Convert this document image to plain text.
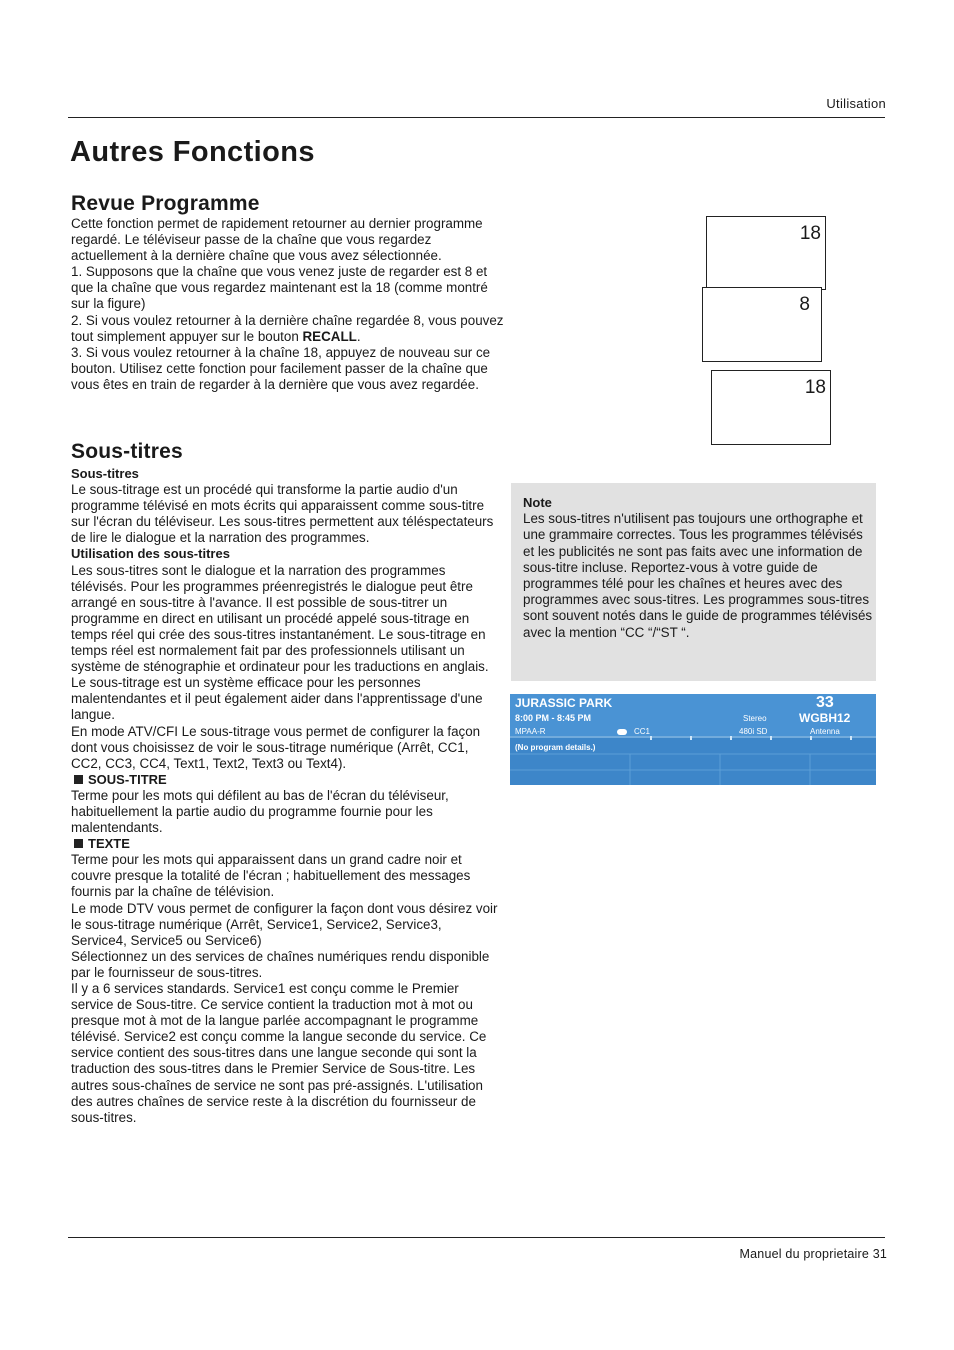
Utilisation
Autres Fonctions
Revue Programme

Cette fonction permet de rapidement retourner au dernier programme regardé. Le téléviseur passe de la chaîne que vous regardez actuellement à la dernière chaîne que vous avez sélectionnée.

1. Supposons que la chaîne que vous venez juste de regarder est 8 et que la chaîne que vous regardez maintenant est la 18 (comme montré sur la figure)

2. Si vous voulez retourner à la dernière chaîne regardée 8, vous pouvez tout simplement appuyer sur le bouton RECALL.

3. Si vous voulez retourner à la chaîne 18, appuyez de nouveau sur ce bouton. Utilisez cette fonction pour facilement passer de la chaîne que vous êtes en train de regarder à la dernière que vous avez regardée.

18
8
18
Sous-titres

Sous-titres

Le sous-titrage est un procédé qui transforme la partie audio d'un programme télévisé en mots écrits qui apparaissent comme sous-titre sur l'écran du téléviseur. Les sous-titres permettent aux téléspectateurs de lire le dialogue et la narration des programmes.

Utilisation des sous-titres

Les sous-titres sont le dialogue et la narration des programmes télévisés. Pour les programmes préenregistrés le dialogue peut être arrangé en sous-titre à l'avance. Il est possible de sous-titrer un programme en direct en utilisant un procédé appelé sous-titrage en temps réel qui crée des sous-titres instantanément. Le sous-titrage en temps réel est normalement fait par des professionnels utilisant un système de sténographie et ordinateur pour les traductions en anglais. Le sous-titrage est un système efficace pour les personnes malentendantes et il peut également aider dans l'apprentissage d'une langue.

En mode ATV/CFI Le sous-titrage vous permet de configurer la façon dont vous choisissez de voir le sous-titrage numérique (Arrêt, CC1, CC2, CC3, CC4, Text1, Text2, Text3 ou Text4).

SOUS-TITRE

Terme pour les mots qui défilent au bas de l'écran du téléviseur, habituellement la partie audio du programme fournie pour les malentendants.

TEXTE

Terme pour les mots qui apparaissent dans un grand cadre noir et couvre presque la totalité de l'écran ; habituellement des messages fournis par la chaîne de télévision.

Le mode DTV vous permet de configurer la façon dont vous désirez voir le sous-titrage numérique (Arrêt, Service1, Service2, Service3, Service4, Service5 ou Service6)

Sélectionnez un des services de chaînes numériques rendu disponible par le fournisseur de sous-titres.

Il y a 6 services standards. Service1 est conçu comme le Premier service de Sous-titre. Ce service contient la traduction mot à mot ou presque mot à mot de la langue parlée accompagnant le programme télévisé. Service2 est conçu comme la langue seconde du service. Ce service contient des sous-titres dans une langue seconde qui sont la traduction des sous-titres dans le Premier Service de Sous-titre. Les autres sous-chaînes de service ne sont pas pré-assignés. L'utilisation des autres chaînes de service reste à la discrétion du fournisseur de sous-titres.

Note
Les sous-titres n'utilisent pas toujours une orthographe et une grammaire correctes. Tous les programmes télévisés et les publicités ne sont pas faits avec une information de sous-titre incluse. Reportez-vous à votre guide de programmes télé pour les chaînes et heures avec des programmes avec sous-titres. Les programmes sous-titres sont souvent notés dans le guide de programmes télévisés avec la mention “CC “/“ST “.
JURASSIC PARK
8:00 PM - 8:45 PM
MPAA-R	CC1
33
Stereo	WGBH12
480i SD	Antenna
(No program details.)
Manuel du proprietaire 31
